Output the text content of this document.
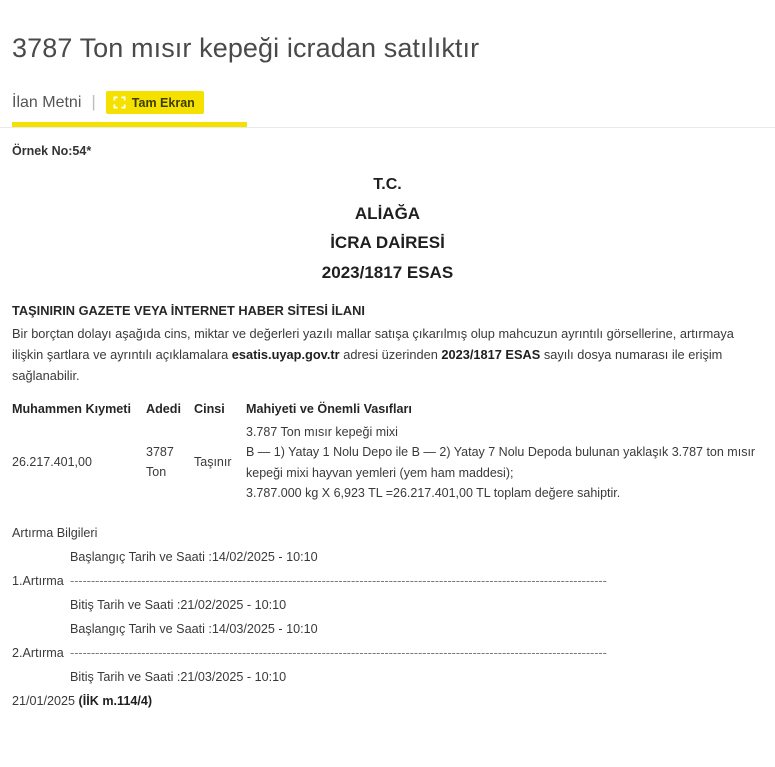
3787 Ton mısır kepeği icradan satılıktır
İlan Metni |	Tam Ekran
Örnek No:54*
T.C.
ALİAĞA
İCRA DAİRESİ
2023/1817 ESAS
TAŞINIRIN GAZETE VEYA İNTERNET HABER SİTESİ İLANI

Bir borçtan dolayı aşağıda cins, miktar ve değerleri yazılı mallar satışa çıkarılmış olup mahcuzun ayrıntılı görsellerine, artırmaya ilişkin şartlara ve ayrıntılı açıklamalara esatis.uyap.gov.tr adresi üzerinden 2023/1817 ESAS sayılı dosya numarası ile erişim sağlanabilir.

Muhammen Kıymeti	Adedi	Cinsi	Mahiyeti ve Önemli Vasıfları
26.217.401,00	3787 Ton	Taşınır	3.787 Ton mısır kepeği mixi
B — 1) Yatay 1 Nolu Depo ile B — 2) Yatay 7 Nolu Depoda bulunan yaklaşık 3.787 ton mısır
kepeği mixi hayvan yemleri (yem ham maddesi);
3.787.000 kg X 6,923 TL =26.217.401,00 TL toplam değere sahiptir.
Artırma Bilgileri
Başlangıç Tarih ve Saati : 14/02/2025 - 10:10
1.Artırma --------------------------------------------------------------------------------------------------------------------------------
Bitiş Tarih ve Saati : 21/02/2025 - 10:10
Başlangıç Tarih ve Saati : 14/03/2025 - 10:10
2.Artırma --------------------------------------------------------------------------------------------------------------------------------
Bitiş Tarih ve Saati : 21/03/2025 - 10:10
21/01/2025 (İİK m.114/4)
